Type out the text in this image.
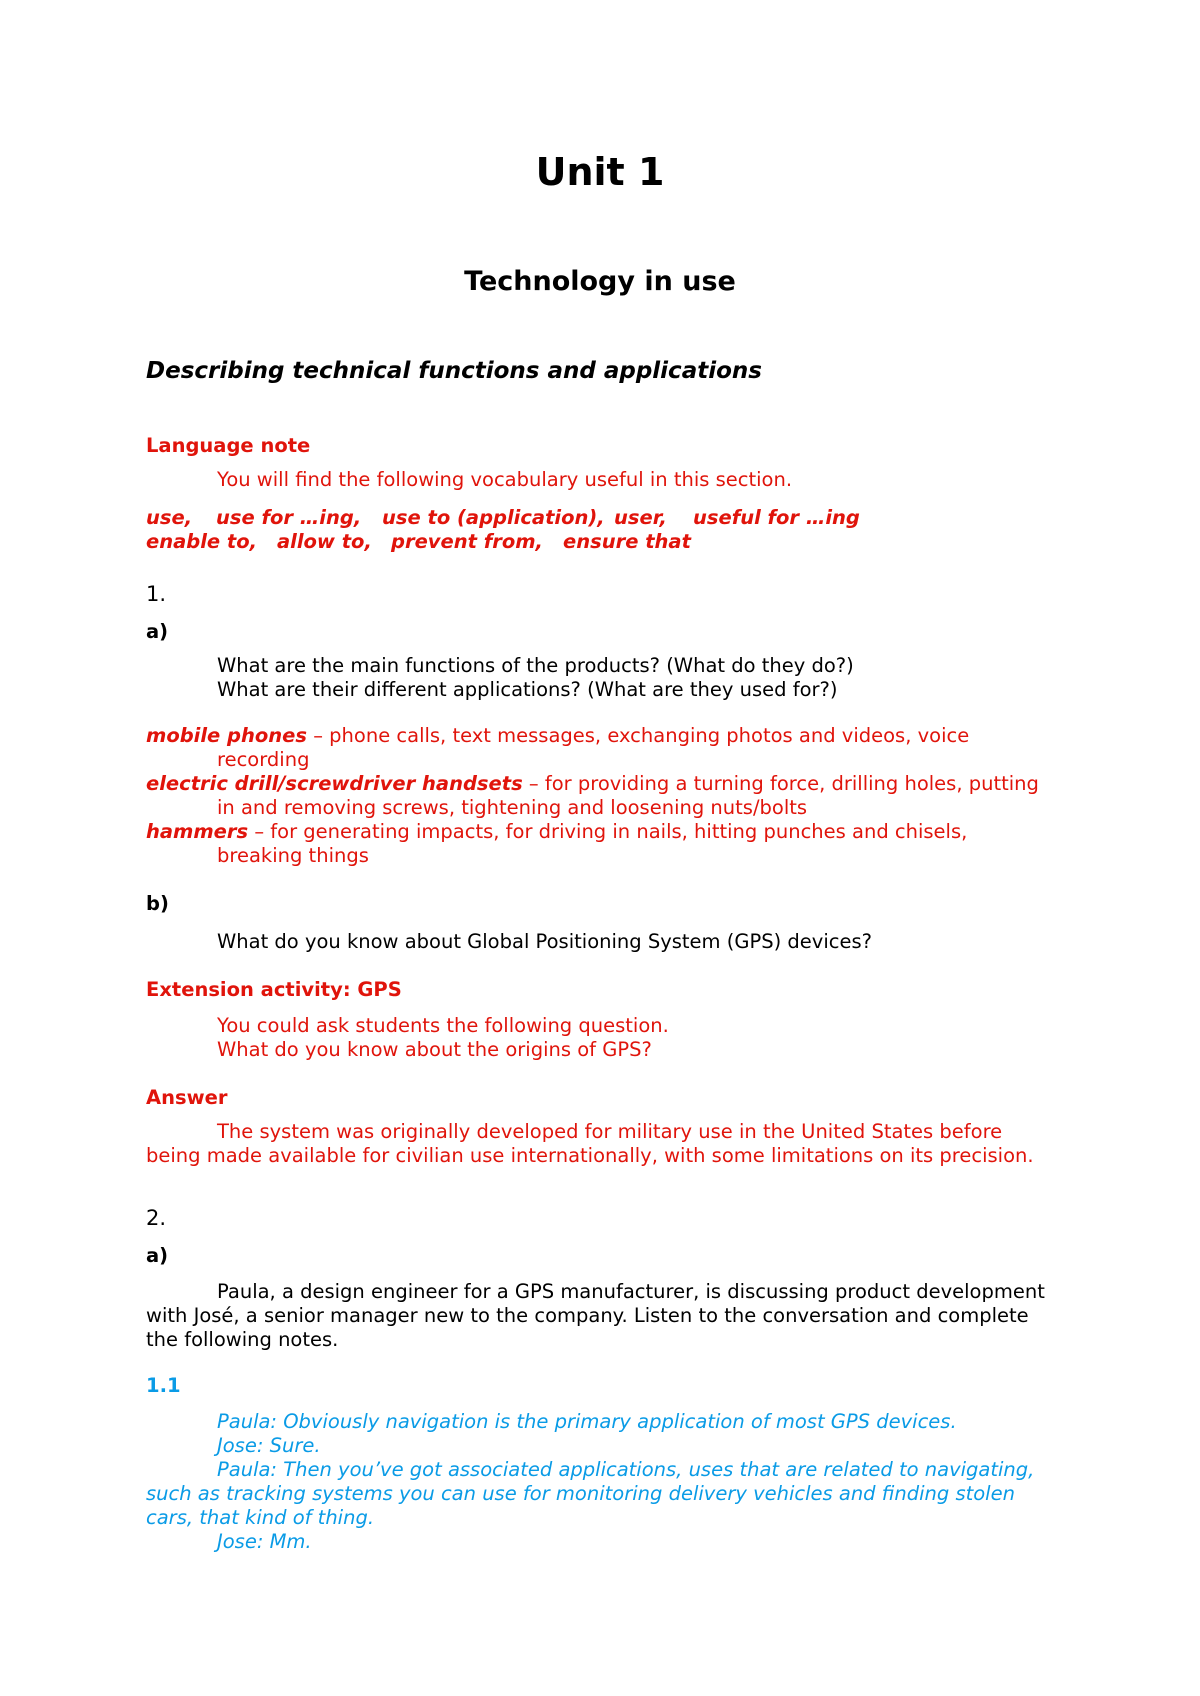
Unit 1
Technology in use
Describing technical functions and applications
Language note
You will find the following vocabulary useful in this section.
use, use for …ing, use to (application), user, useful for …ing
enable to, allow to, prevent from, ensure that
1.
a)
What are the main functions of the products? (What do they do?)
What are their different applications? (What are they used for?)
mobile phones – phone calls, text messages, exchanging photos and videos, voice
recording
electric drill/screwdriver handsets – for providing a turning force, drilling holes, putting
in and removing screws, tightening and loosening nuts/bolts
hammers – for generating impacts, for driving in nails, hitting punches and chisels,
breaking things
b)
What do you know about Global Positioning System (GPS) devices?
Extension activity: GPS
You could ask students the following question.
What do you know about the origins of GPS?
Answer
The system was originally developed for military use in the United States before
being made available for civilian use internationally, with some limitations on its precision.
2.
a)
Paula, a design engineer for a GPS manufacturer, is discussing product development
with José, a senior manager new to the company. Listen to the conversation and complete
the following notes.
1.1
Paula: Obviously navigation is the primary application of most GPS devices.
Jose: Sure.
Paula: Then you’ve got associated applications, uses that are related to navigating,
such as tracking systems you can use for monitoring delivery vehicles and finding stolen
cars, that kind of thing.
Jose: Mm.
